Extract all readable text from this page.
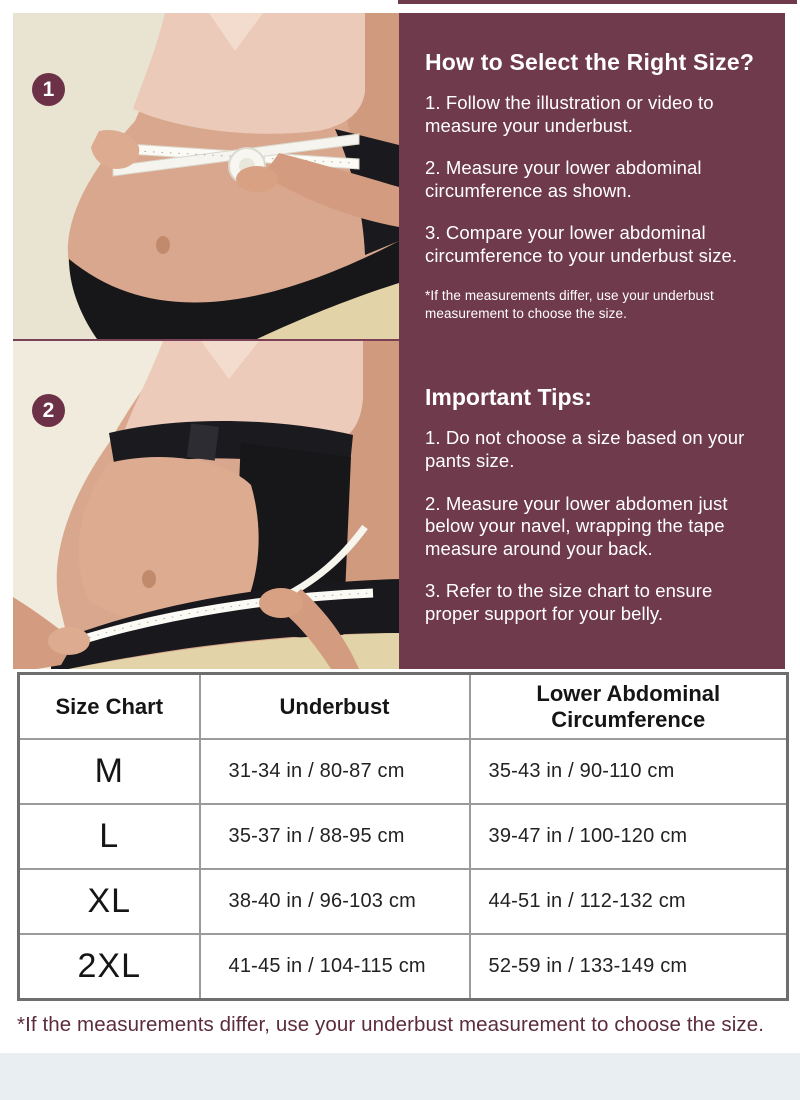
1
2
How to Select the Right Size?

1. Follow the illustration or video to measure your underbust.

2. Measure your lower abdominal circumference as shown.

3. Compare your lower abdominal circumference to your underbust size.

*If the measurements differ, use your underbust measurement to choose the size.

Important Tips:

1. Do not choose a size based on your pants size.

2. Measure your lower abdomen just below your navel, wrapping the tape measure around your back.

3. Refer to the size chart to ensure proper support for your belly.

Size Chart	Underbust	Lower Abdominal Circumference
M	31-34 in / 80-87 cm	35-43 in / 90-110 cm
L	35-37 in / 88-95 cm	39-47 in / 100-120 cm
XL	38-40 in / 96-103 cm	44-51 in / 112-132 cm
2XL	41-45 in / 104-115 cm	52-59 in / 133-149 cm
*If the measurements differ, use your underbust measurement to choose the size.
